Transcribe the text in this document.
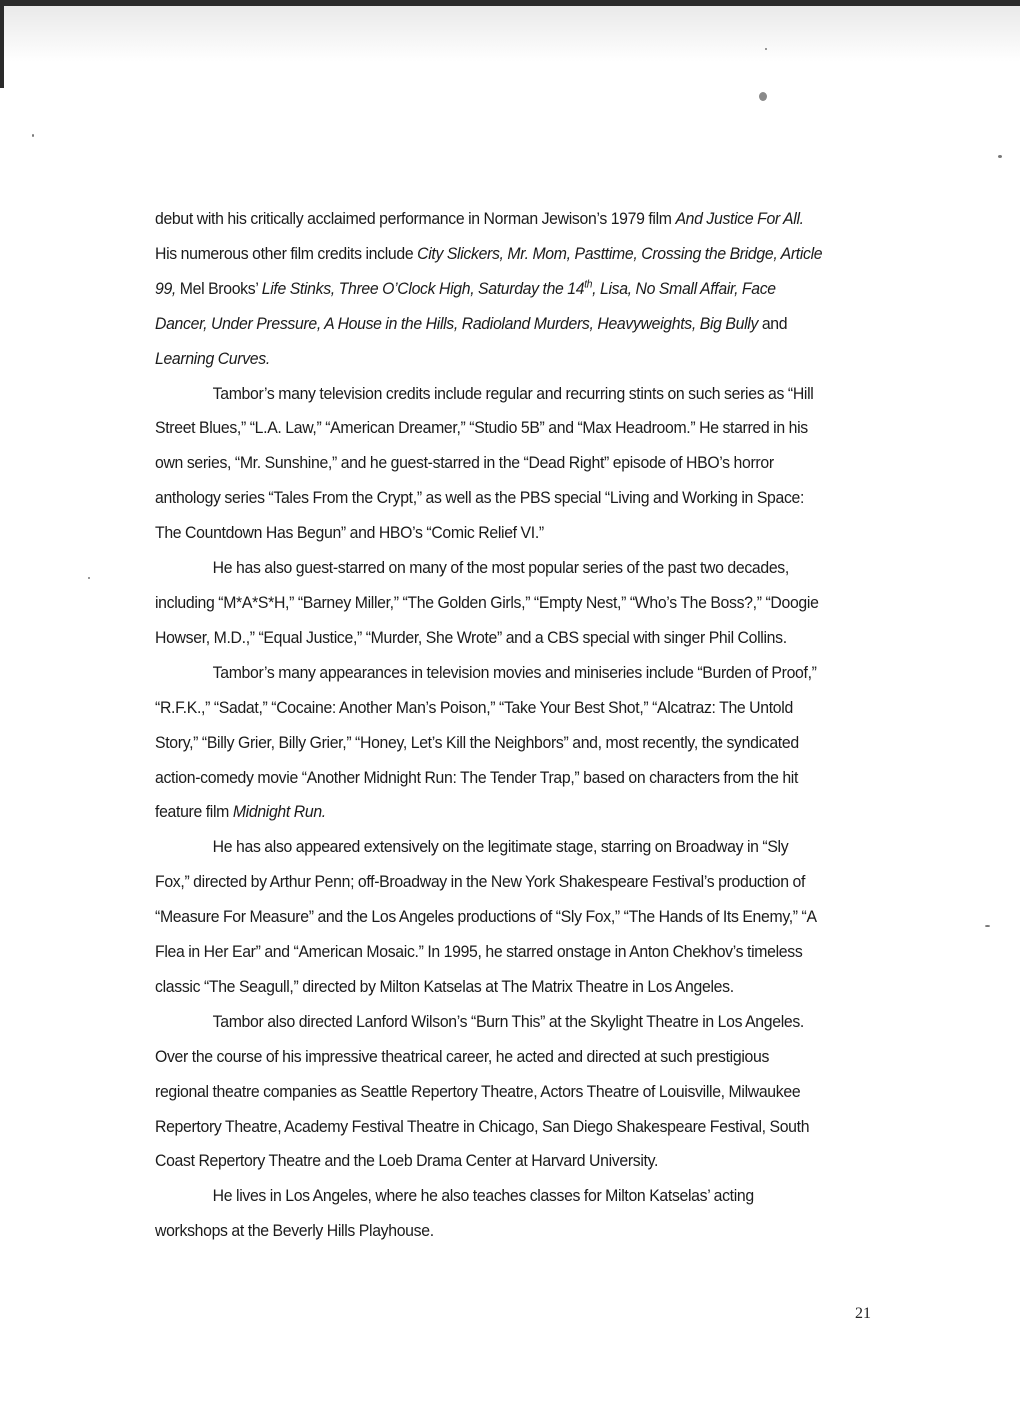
debut with his critically acclaimed performance in Norman Jewison’s 1979 film And Justice For All. His numerous other film credits include City Slickers, Mr. Mom, Pasttime, Crossing the Bridge, Article 99, Mel Brooks’ Life Stinks, Three O’Clock High, Saturday the 14th, Lisa, No Small Affair, Face Dancer, Under Pressure, A House in the Hills, Radioland Murders, Heavyweights, Big Bully and Learning Curves.

Tambor’s many television credits include regular and recurring stints on such series as “Hill Street Blues,” “L.A. Law,” “American Dreamer,” “Studio 5B” and “Max Headroom.” He starred in his own series, “Mr. Sunshine,” and he guest-starred in the “Dead Right” episode of HBO’s horror anthology series “Tales From the Crypt,” as well as the PBS special “Living and Working in Space: The Countdown Has Begun” and HBO’s “Comic Relief VI.”

He has also guest-starred on many of the most popular series of the past two decades, including “M*A*S*H,” “Barney Miller,” “The Golden Girls,” “Empty Nest,” “Who’s The Boss?,” “Doogie Howser, M.D.,” “Equal Justice,” “Murder, She Wrote” and a CBS special with singer Phil Collins.

Tambor’s many appearances in television movies and miniseries include “Burden of Proof,” “R.F.K.,” “Sadat,” “Cocaine: Another Man’s Poison,” “Take Your Best Shot,” “Alcatraz: The Untold Story,” “Billy Grier, Billy Grier,” “Honey, Let’s Kill the Neighbors” and, most recently, the syndicated action-comedy movie “Another Midnight Run: The Tender Trap,” based on characters from the hit feature film Midnight Run.

He has also appeared extensively on the legitimate stage, starring on Broadway in “Sly Fox,” directed by Arthur Penn; off-Broadway in the New York Shakespeare Festival’s production of “Measure For Measure” and the Los Angeles productions of “Sly Fox,” “The Hands of Its Enemy,” “A Flea in Her Ear” and “American Mosaic.” In 1995, he starred onstage in Anton Chekhov’s timeless classic “The Seagull,” directed by Milton Katselas at The Matrix Theatre in Los Angeles.

Tambor also directed Lanford Wilson’s “Burn This” at the Skylight Theatre in Los Angeles. Over the course of his impressive theatrical career, he acted and directed at such prestigious regional theatre companies as Seattle Repertory Theatre, Actors Theatre of Louisville, Milwaukee Repertory Theatre, Academy Festival Theatre in Chicago, San Diego Shakespeare Festival, South Coast Repertory Theatre and the Loeb Drama Center at Harvard University.

He lives in Los Angeles, where he also teaches classes for Milton Katselas’ acting workshops at the Beverly Hills Playhouse.

21
